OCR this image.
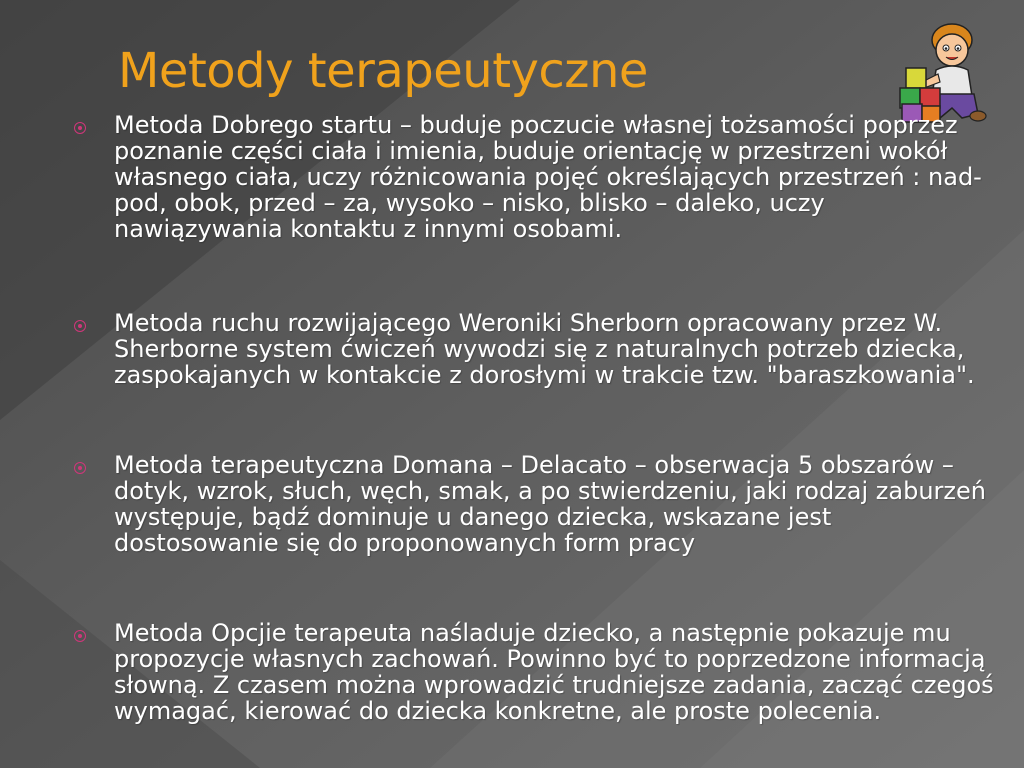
Metody terapeutyczne
Metoda Dobrego startu – buduje poczucie własnej tożsamości poprzez poznanie części ciała i imienia, buduje orientację w przestrzeni wokół własnego ciała, uczy różnicowania pojęć określających przestrzeń : nad- pod, obok, przed – za, wysoko – nisko, blisko – daleko, uczy nawiązywania kontaktu z innymi osobami.
Metoda ruchu rozwijającego Weroniki Sherborn opracowany przez W. Sherborne system ćwiczeń wywodzi się z naturalnych potrzeb dziecka, zaspokajanych w kontakcie z dorosłymi w trakcie tzw. "baraszkowania".
Metoda terapeutyczna Domana – Delacato – obserwacja 5 obszarów – dotyk, wzrok, słuch, węch, smak, a po stwierdzeniu, jaki rodzaj zaburzeń występuje, bądź dominuje u danego dziecka, wskazane jest dostosowanie się do proponowanych form pracy
Metoda Opcjie terapeuta naśladuje dziecko, a następnie pokazuje mu propozycje własnych zachowań. Powinno być to poprzedzone informacją słowną. Z czasem można wprowadzić trudniejsze zadania, zacząć czegoś wymagać, kierować do dziecka konkretne, ale proste polecenia.
